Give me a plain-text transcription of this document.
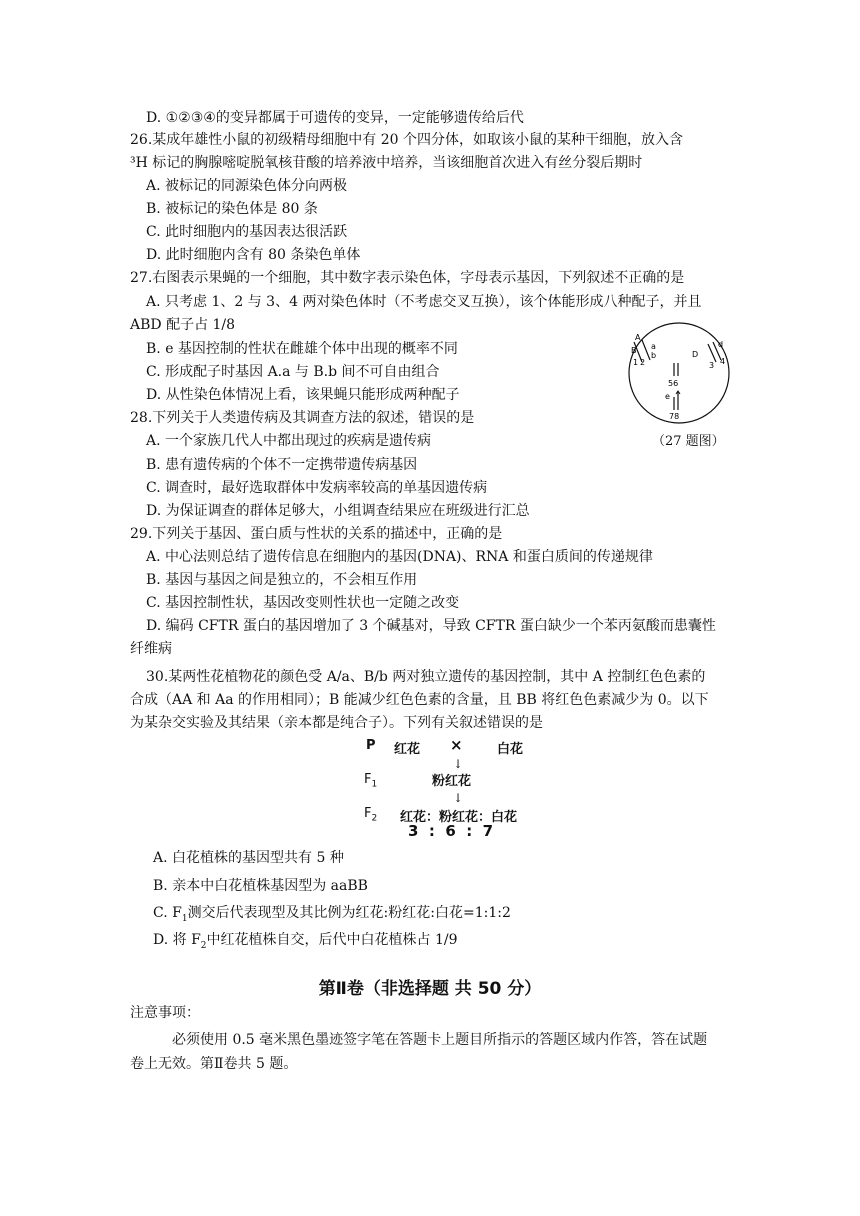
D. ①②③④的变异都属于可遗传的变异，一定能够遗传给后代
26.某成年雄性小鼠的初级精母细胞中有 20 个四分体，如取该小鼠的某种干细胞，放入含
³H 标记的胸腺嘧啶脱氧核苷酸的培养液中培养，当该细胞首次进入有丝分裂后期时
A. 被标记的同源染色体分向两极
B. 被标记的染色体是 80 条
C. 此时细胞内的基因表达很活跃
D. 此时细胞内含有 80 条染色单体
27.右图表示果蝇的一个细胞，其中数字表示染色体，字母表示基因，下列叙述不正确的是
A. 只考虑 1、2 与 3、4 两对染色体时（不考虑交叉互换），该个体能形成八种配子，并且
ABD 配子占 1/8
B. e 基因控制的性状在雌雄个体中出现的概率不同
C. 形成配子时基因 A.a 与 B.b 间不可自由组合
D. 从性染色体情况上看，该果蝇只能形成两种配子
28.下列关于人类遗传病及其调查方法的叙述，错误的是
A. 一个家族几代人中都出现过的疾病是遗传病
B. 患有遗传病的个体不一定携带遗传病基因
C. 调查时，最好选取群体中发病率较高的单基因遗传病
D. 为保证调查的群体足够大，小组调查结果应在班级进行汇总
29.下列关于基因、蛋白质与性状的关系的描述中，正确的是
A. 中心法则总结了遗传信息在细胞内的基因(DNA)、RNA 和蛋白质间的传递规律
B. 基因与基因之间是独立的，不会相互作用
C. 基因控制性状，基因改变则性状也一定随之改变
D. 编码 CFTR 蛋白的基因增加了 3 个碱基对，导致 CFTR 蛋白缺少一个苯丙氨酸而患囊性
纤维病
30.某两性花植物花的颜色受 A/a、B/b 两对独立遗传的基因控制，其中 A 控制红色色素的
合成（AA 和 Aa 的作用相同）；B 能减少红色色素的含量，且 BB 将红色色素减少为 0。以下
为某杂交实验及其结果（亲本都是纯合子）。下列有关叙述错误的是
P 红花 ×	白花
↓
$F_1$	粉红花
↓
$F_2$ 红花：粉红花：白花
3  :  6  :  7
A. 白花植株的基因型共有 5 种
B. 亲本中白花植株基因型为 aaBB
C. $F_1$测交后代表现型及其比例为红花:粉红花:白花=1:1:2
D. 将 $F_2$中红花植株自交，后代中白花植株占 1/9
第Ⅱ卷（非选择题 共 50 分）
注意事项：
必须使用 0.5 毫米黑色墨迹签字笔在答题卡上题目所指示的答题区域内作答，答在试题
卷上无效。第Ⅱ卷共 5 题。
A
a
B
b
1 2
D
d
3 4
56
e
78
（27 题图）
